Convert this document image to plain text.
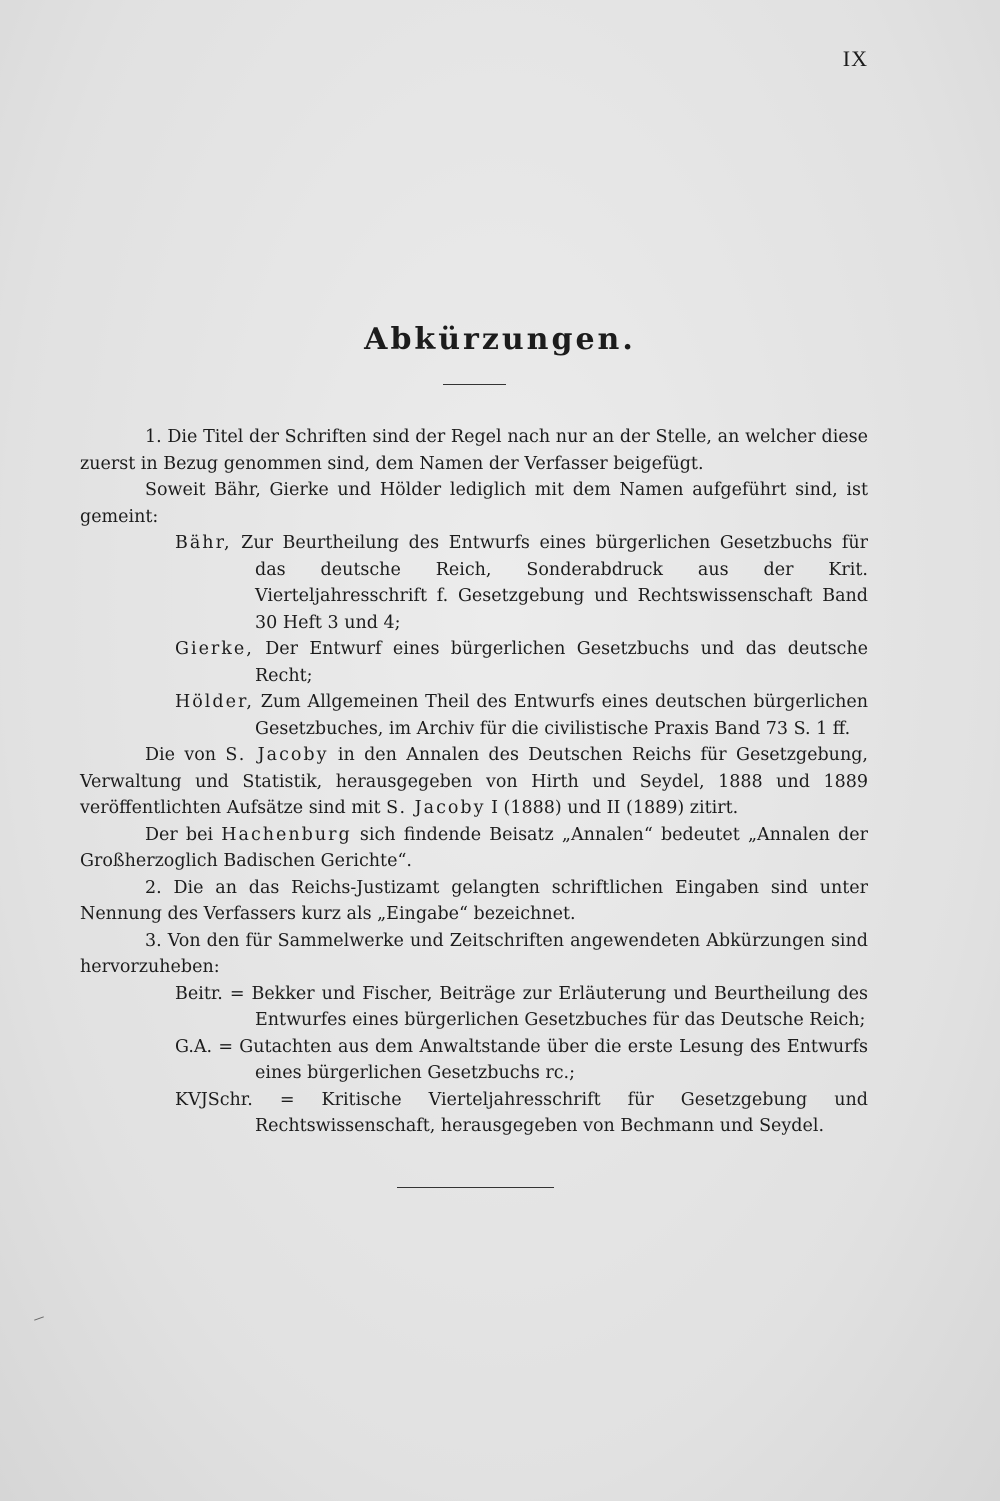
IX
Abkürzungen.

1. Die Titel der Schriften sind der Regel nach nur an der Stelle, an welcher diese zuerst in Bezug genommen sind, dem Namen der Verfasser beigefügt.

Soweit Bähr, Gierke und Hölder lediglich mit dem Namen aufgeführt sind, ist gemeint:

Bähr, Zur Beurtheilung des Entwurfs eines bürgerlichen Gesetzbuchs für das deutsche Reich, Sonderabdruck aus der Krit. Vierteljahresschrift f. Gesetzgebung und Rechtswissenschaft Band 30 Heft 3 und 4;

Gierke, Der Entwurf eines bürgerlichen Gesetzbuchs und das deutsche Recht;

Hölder, Zum Allgemeinen Theil des Entwurfs eines deutschen bürgerlichen Gesetzbuches, im Archiv für die civilistische Praxis Band 73 S. 1 ff.

Die von S. Jacoby in den Annalen des Deutschen Reichs für Gesetzgebung, Verwaltung und Statistik, herausgegeben von Hirth und Seydel, 1888 und 1889 veröffentlichten Aufsätze sind mit S. Jacoby I (1888) und II (1889) zitirt.

Der bei Hachenburg sich findende Beisatz „Annalen“ bedeutet „Annalen der Großherzoglich Badischen Gerichte“.

2. Die an das Reichs-Justizamt gelangten schriftlichen Eingaben sind unter Nennung des Verfassers kurz als „Eingabe“ bezeichnet.

3. Von den für Sammelwerke und Zeitschriften angewendeten Abkürzungen sind hervorzuheben:

Beitr. = Bekker und Fischer, Beiträge zur Erläuterung und Beurtheilung des Entwurfes eines bürgerlichen Gesetzbuches für das Deutsche Reich;

G.A. = Gutachten aus dem Anwaltstande über die erste Lesung des Entwurfs eines bürgerlichen Gesetzbuchs rc.;

KVJSchr. = Kritische Vierteljahresschrift für Gesetzgebung und Rechtswissenschaft, herausgegeben von Bechmann und Seydel.
